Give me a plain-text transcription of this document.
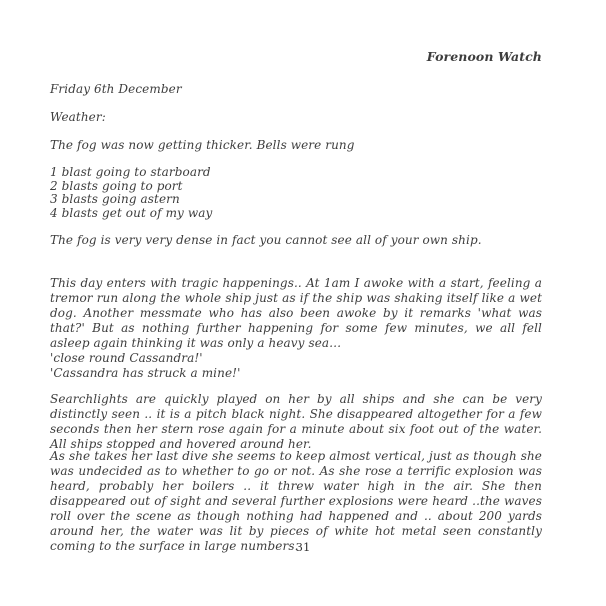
Forenoon Watch
Friday 6th December
Weather:
The fog was now getting thicker. Bells were rung
1 blast going to starboard
2 blasts going to port
3 blasts going astern
4 blasts get out of my way
The fog is very very dense in fact you cannot see all of your own ship.
This day enters with tragic happenings.. At 1am I awoke with a start, feeling a tremor run along the whole ship just as if the ship was shaking itself like a wet dog. Another messmate who has also been awoke by it remarks 'what was that?' But as nothing further happening for some few minutes, we all fell asleep again thinking it was only a heavy sea…
'close round Cassandra!'
'Cassandra has struck a mine!'
Searchlights are quickly played on her by all ships and she can be very distinctly seen .. it is a pitch black night. She disappeared altogether for a few seconds then her stern rose again for a minute about six foot out of the water. All ships stopped and hovered around her.
As she takes her last dive she seems to keep almost vertical, just as though she was undecided as to whether to go or not. As she rose a terrific explosion was heard, probably her boilers .. it threw water high in the air. She then disappeared out of sight and several further explosions were heard ..the waves roll over the scene as though nothing had happened and .. about 200 yards around her, the water was lit by pieces of white hot metal seen constantly coming to the surface in large numbers.
31
